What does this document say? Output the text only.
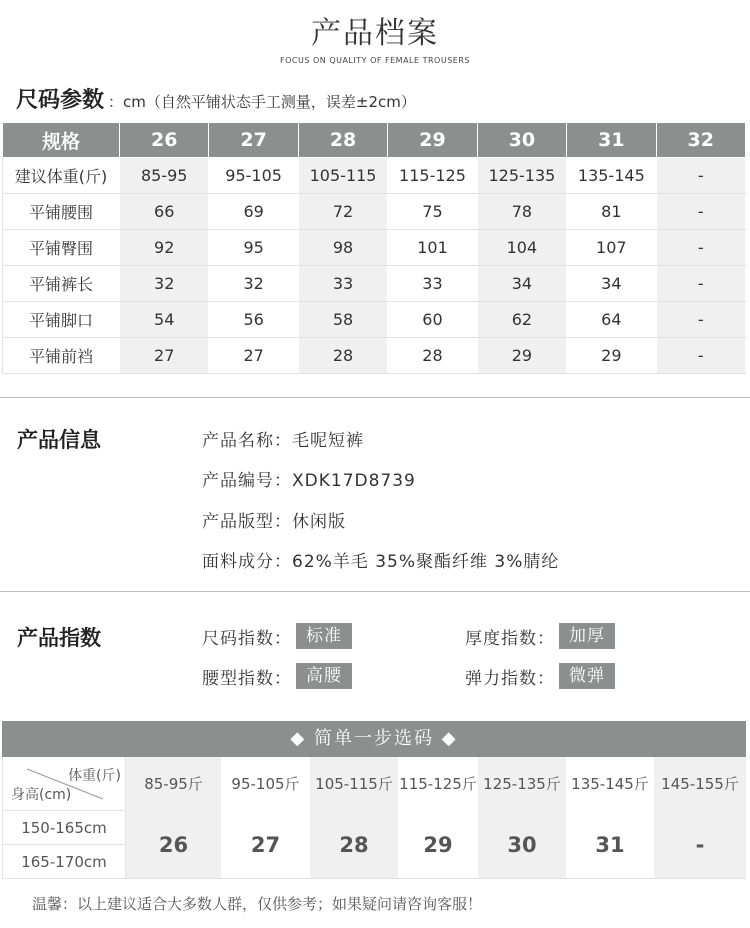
产品档案
FOCUS ON QUALITY OF FEMALE TROUSERS
尺码参数 ：cm（自然平铺状态手工测量，误差±2cm）
规格	26	27	28	29	30	31	32
建议体重(斤)	85-95	95-105	105-115	115-125	125-135	135-145	-
平铺腰围	66	69	72	75	78	81	-
平铺臀围	92	95	98	101	104	107	-
平铺裤长	32	32	33	33	34	34	-
平铺脚口	54	56	58	60	62	64	-
平铺前裆	27	27	28	28	29	29	-
产品信息	产品名称：毛呢短裤
产品编号：XDK17D8739
产品版型：休闲版
面料成分：62%羊毛 35%聚酯纤维 3%腈纶
产品指数	尺码指数： 标准	厚度指数： 加厚
腰型指数： 高腰	弹力指数： 微弹
◆ 简单一步选码 ◆
体重(斤)
身高(cm)
85-95斤	95-105斤	105-115斤 115-125斤 125-135斤 135-145斤 145-155斤
150-165cm
165-170cm
26	27	28	29	30	31	-
温馨：以上建议适合大多数人群，仅供参考；如果疑问请咨询客服！
